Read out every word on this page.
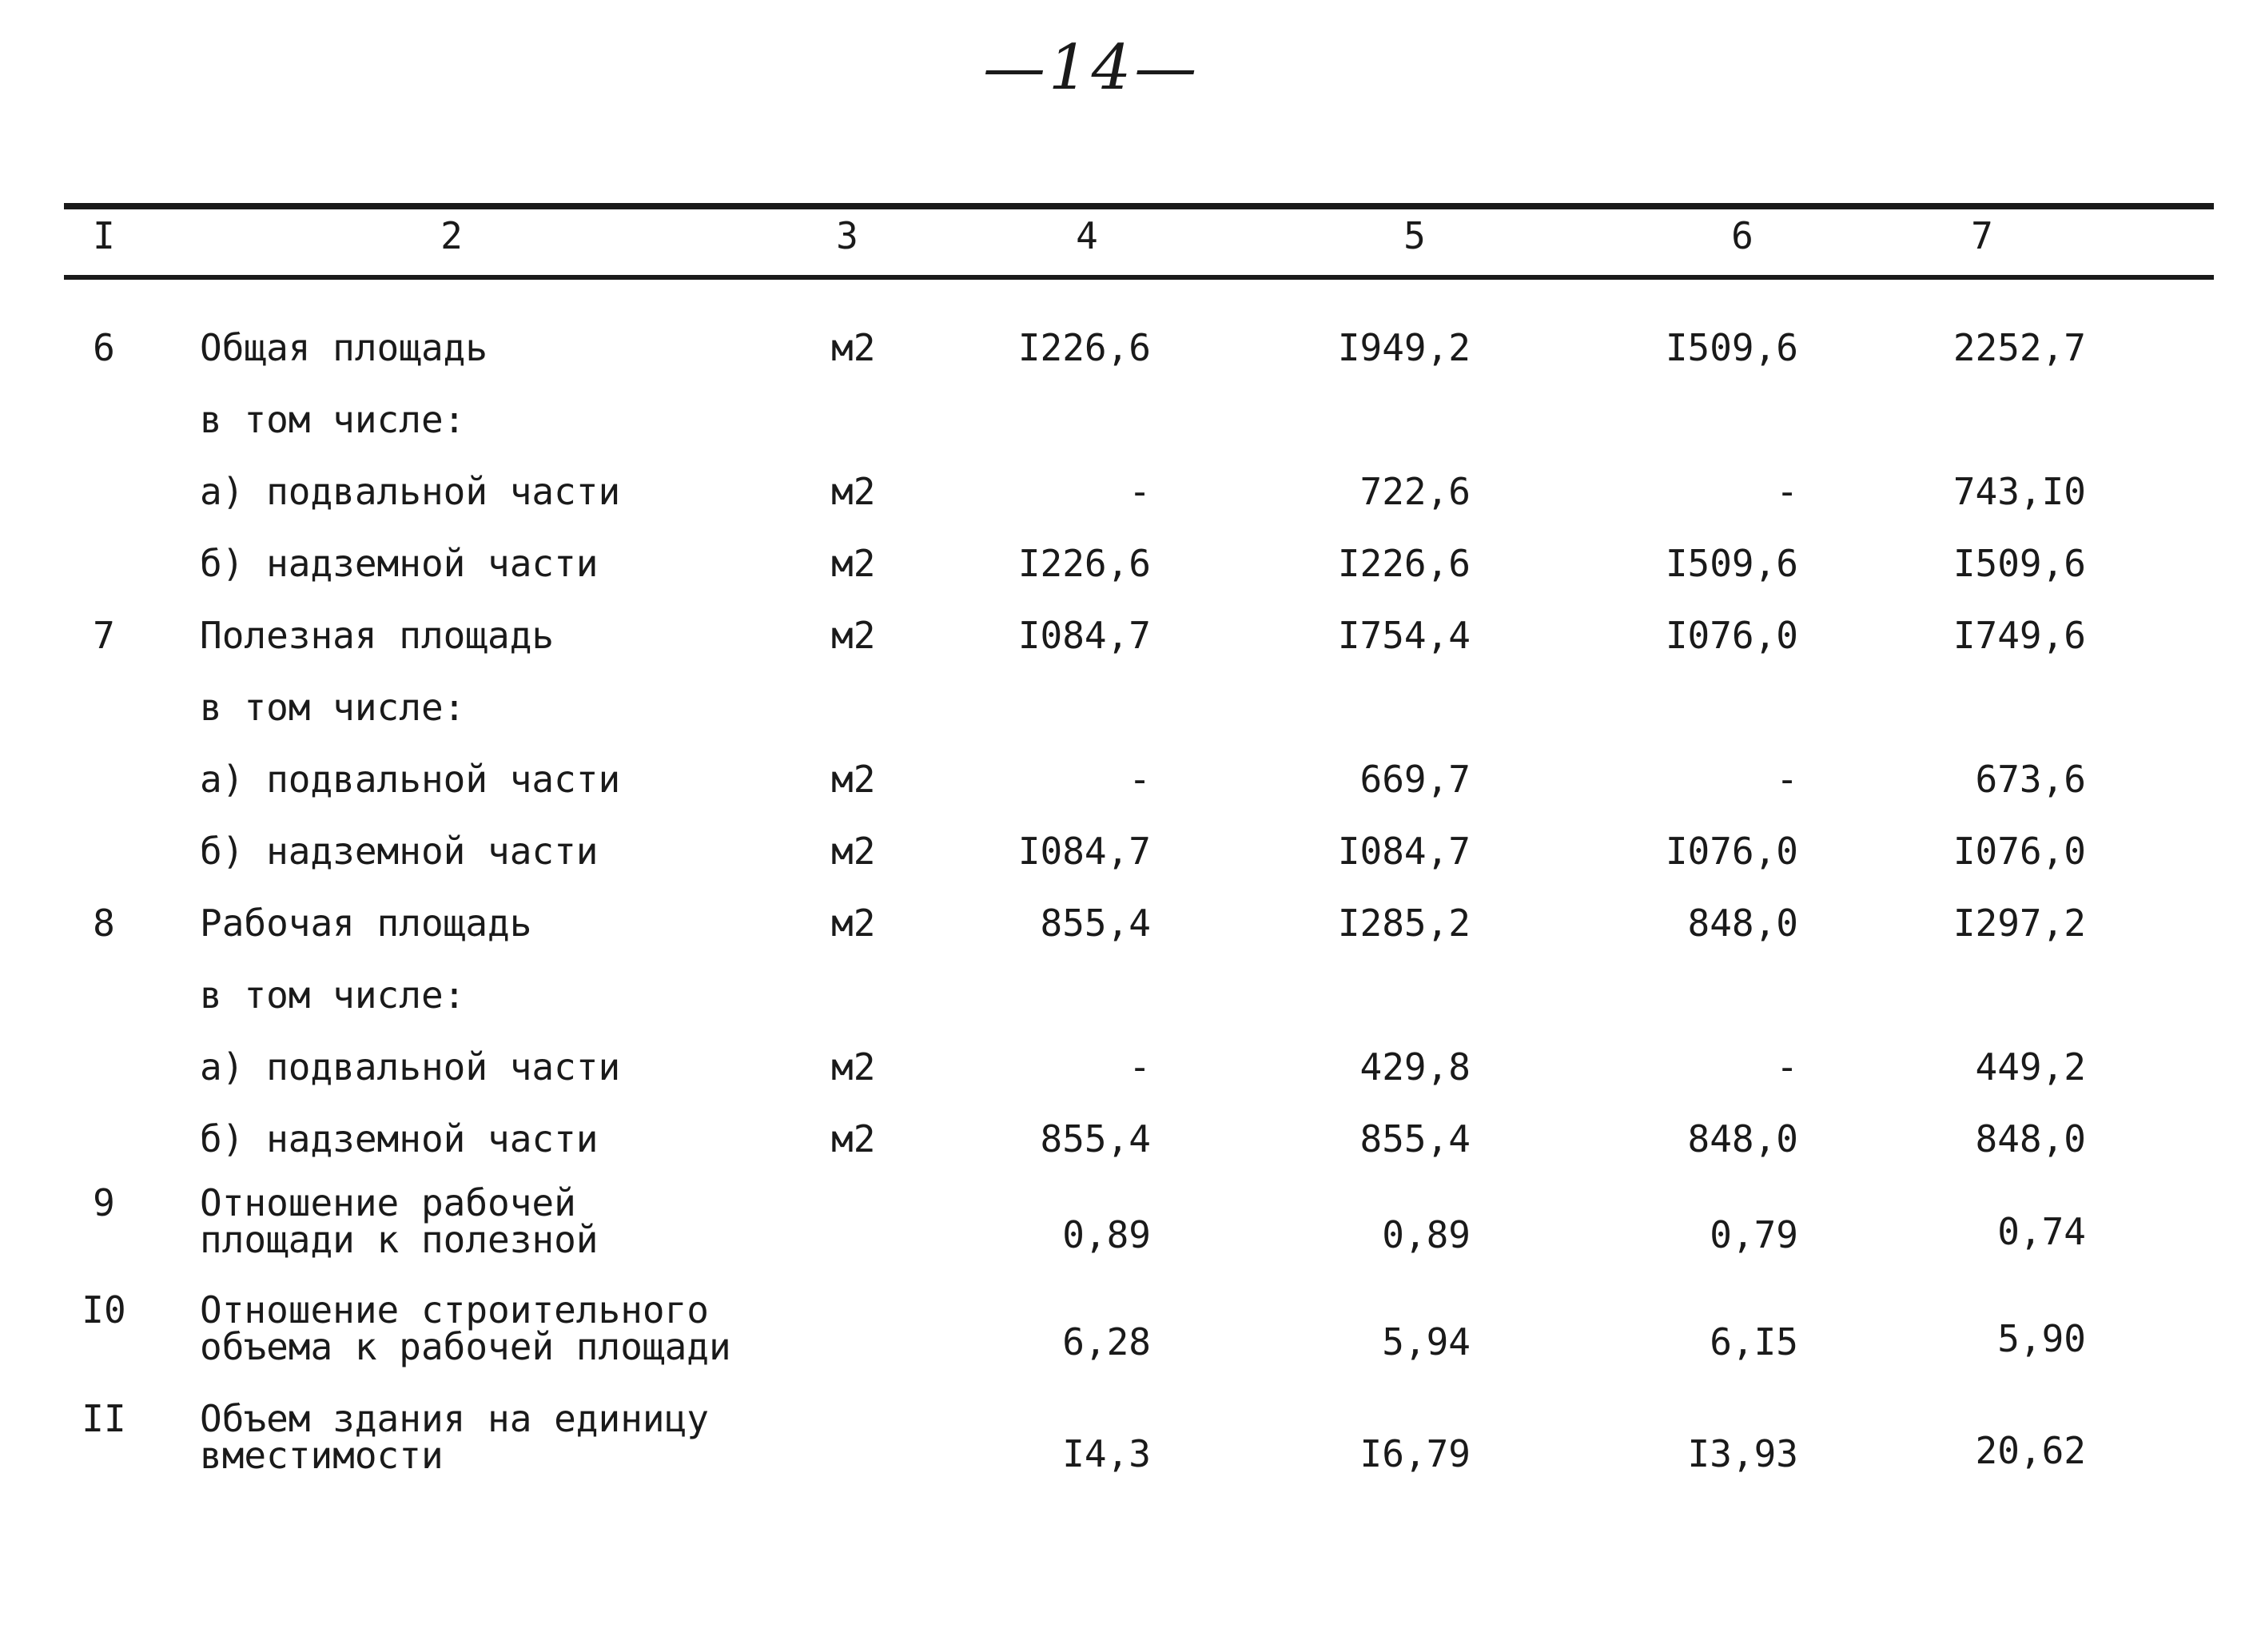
—14—
I	2	3	4	5	6	7
6	Общая площадь	м2	I226,6	I949,2	I509,6	2252,7
в том числе:
а) подвальной части	м2	-	722,6	-	743,I0
б) надземной части	м2	I226,6	I226,6	I509,6	I509,6
7	Полезная площадь	м2	I084,7	I754,4	I076,0	I749,6
в том числе:
а) подвальной части	м2	-	669,7	-	673,6
б) надземной части	м2	I084,7	I084,7	I076,0	I076,0
8	Рабочая площадь	м2	855,4	I285,2	848,0	I297,2
в том числе:
а) подвальной части	м2	-	429,8	-	449,2
б) надземной части	м2	855,4	855,4	848,0	848,0
9	Отношение рабочей
площади к полезной	0,89	0,89	0,79	0,74
I0 Отношение строительного
объема к рабочей площади	6,28	5,94	6,I5	5,90
II Объем здания на единицу
вместимости	I4,3	I6,79	I3,93	20,62
